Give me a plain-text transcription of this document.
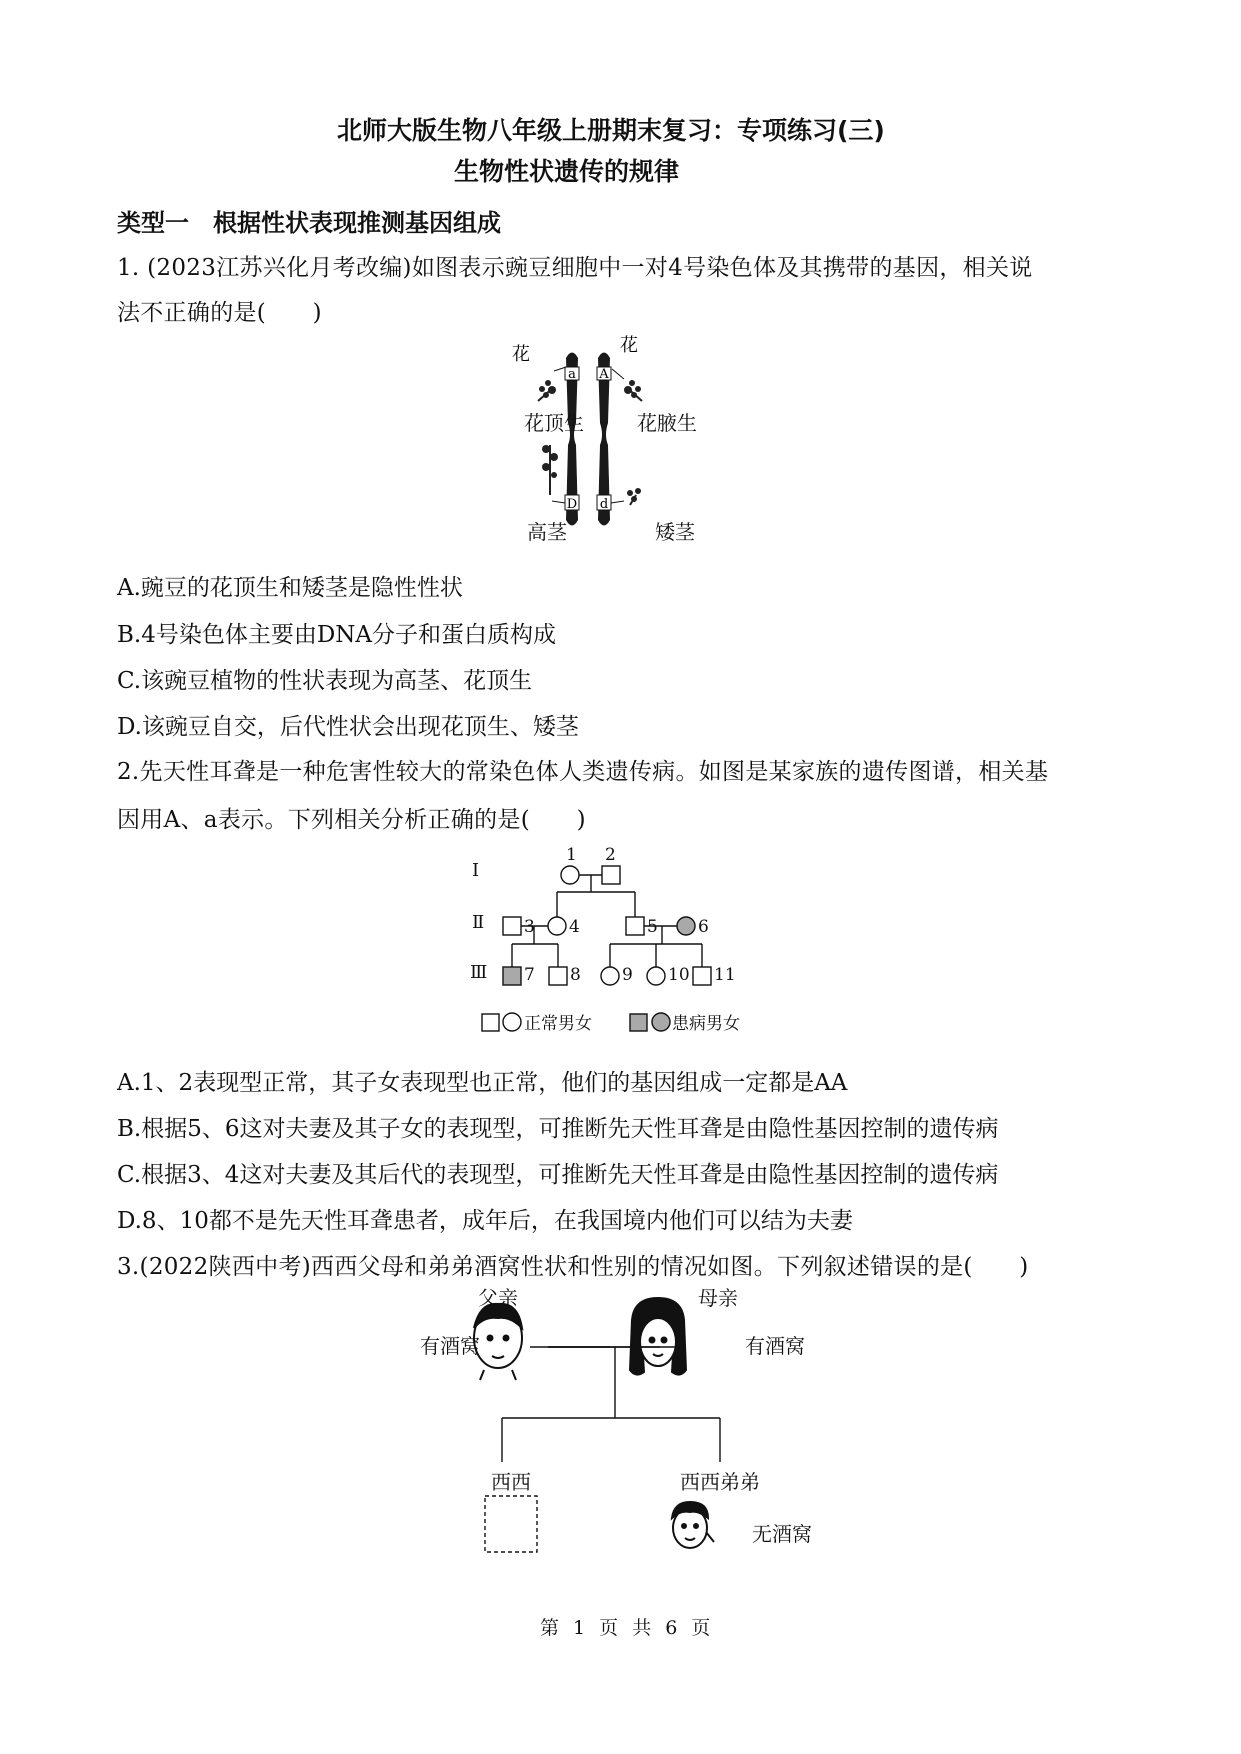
北师大版生物八年级上册期末复习：专项练习(三)
生物性状遗传的规律
类型一　根据性状表现推测基因组成
1. (2023江苏兴化月考改编)如图表示豌豆细胞中一对4号染色体及其携带的基因，相关说
法不正确的是(　　)
a A
D d
花	花
花顶生	花腋生
高茎	矮茎
A.豌豆的花顶生和矮茎是隐性性状
B.4号染色体主要由DNA分子和蛋白质构成
C.该豌豆植物的性状表现为高茎、花顶生
D.该豌豆自交，后代性状会出现花顶生、矮茎
2.先天性耳聋是一种危害性较大的常染色体人类遗传病。如图是某家族的遗传图谱，相关基
因用A、a表示。下列相关分析正确的是(　　)
Ⅰ
Ⅱ
Ⅲ
1 2
3 4	5 6
7 8 9 10 11
正常男女	患病男女
A.1、2表现型正常，其子女表现型也正常，他们的基因组成一定都是AA
B.根据5、6这对夫妻及其子女的表现型，可推断先天性耳聋是由隐性基因控制的遗传病
C.根据3、4这对夫妻及其后代的表现型，可推断先天性耳聋是由隐性基因控制的遗传病
D.8、10都不是先天性耳聋患者，成年后，在我国境内他们可以结为夫妻
3.(2022陕西中考)西西父母和弟弟酒窝性状和性别的情况如图。下列叙述错误的是(　　)
父亲	母亲
有酒窝	有酒窝
西西	西西弟弟
无酒窝
第 1 页 共 6 页
